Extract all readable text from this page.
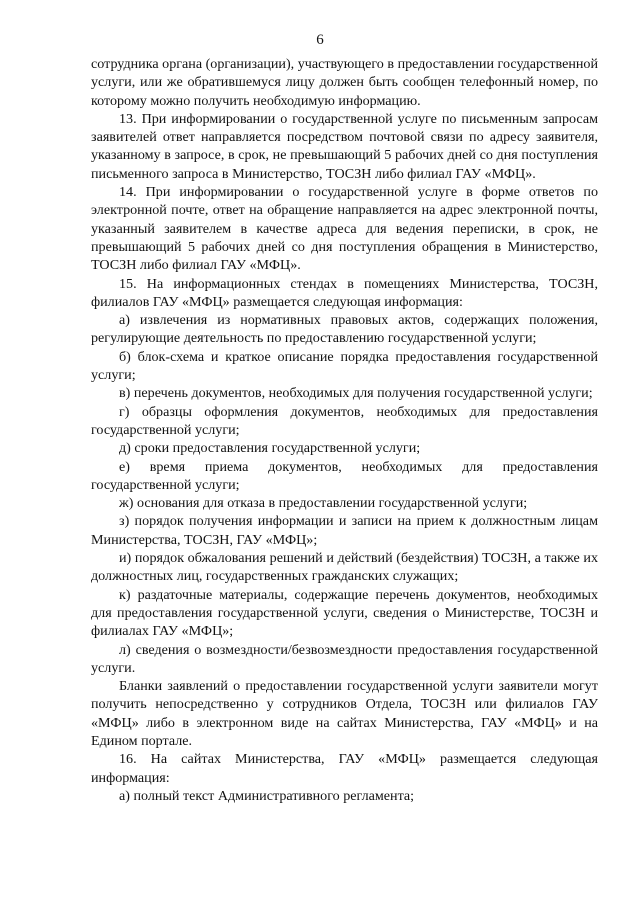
6

сотрудника органа (организации), участвующего в предоставлении государственной услуги, или же обратившемуся лицу должен быть сообщен телефонный номер, по которому можно получить необходимую информацию.

13. При информировании о государственной услуге по письменным запросам заявителей ответ направляется посредством почтовой связи по адресу заявителя, указанному в запросе, в срок, не превышающий 5 рабочих дней со дня поступления письменного запроса в Министерство, ТОСЗН либо филиал ГАУ «МФЦ».

14. При информировании о государственной услуге в форме ответов по электронной почте, ответ на обращение направляется на адрес электронной почты, указанный заявителем в качестве адреса для ведения переписки, в срок, не превышающий 5 рабочих дней со дня поступления обращения в Министерство, ТОСЗН либо филиал ГАУ «МФЦ».

15. На информационных стендах в помещениях Министерства, ТОСЗН, филиалов ГАУ «МФЦ» размещается следующая информация:

а) извлечения из нормативных правовых актов, содержащих положения, регулирующие деятельность по предоставлению государственной услуги;

б) блок-схема и краткое описание порядка предоставления государственной услуги;

в) перечень документов, необходимых для получения государственной услуги;

г) образцы оформления документов, необходимых для предоставления государственной услуги;

д) сроки предоставления государственной услуги;

е) время приема документов, необходимых для предоставления государственной услуги;

ж) основания для отказа в предоставлении государственной услуги;

з) порядок получения информации и записи на прием к должностным лицам Министерства, ТОСЗН, ГАУ «МФЦ»;

и) порядок обжалования решений и действий (бездействия) ТОСЗН, а также их должностных лиц, государственных гражданских служащих;

к) раздаточные материалы, содержащие перечень документов, необходимых для предоставления государственной услуги, сведения о Министерстве, ТОСЗН и филиалах ГАУ «МФЦ»;

л) сведения о возмездности/безвозмездности предоставления государственной услуги.

Бланки заявлений о предоставлении государственной услуги заявители могут получить непосредственно у сотрудников Отдела, ТОСЗН или филиалов ГАУ «МФЦ» либо в электронном виде на сайтах Министерства, ГАУ «МФЦ» и на Едином портале.

16. На сайтах Министерства, ГАУ «МФЦ» размещается следующая информация:

а) полный текст Административного регламента;
